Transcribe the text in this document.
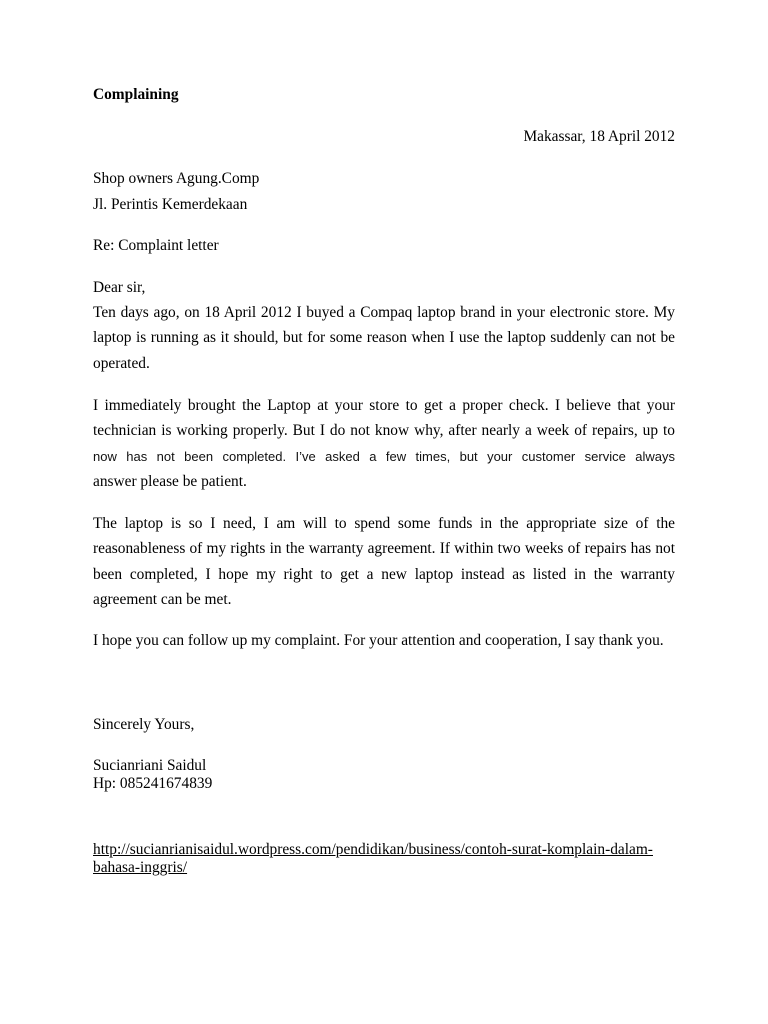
Complaining
Makassar, 18 April 2012
Shop owners Agung.Comp
Jl. Perintis Kemerdekaan
Re: Complaint letter
Dear sir,
Ten days ago, on 18 April 2012 I buyed a Compaq laptop brand in your electronic store. My
laptop is running as it should, but for some reason when I use the laptop suddenly can not be
operated.
I immediately brought the Laptop at your store to get a proper check. I believe that your
technician is working properly. But I do not know why, after nearly a week of repairs, up to
now has not been completed. I’ve asked a few times, but your customer service always
answer please be patient.
The laptop is so I need, I am will to spend some funds in the appropriate size of the
reasonableness of my rights in the warranty agreement. If within two weeks of repairs has not
been completed, I hope my right to get a new laptop instead as listed in the warranty
agreement can be met.
I hope you can follow up my complaint. For your attention and cooperation, I say thank you.
Sincerely Yours,
Sucianriani Saidul
Hp: 085241674839
http://sucianrianisaidul.wordpress.com/pendidikan/business/contoh-surat-komplain-dalam-
bahasa-inggris/
